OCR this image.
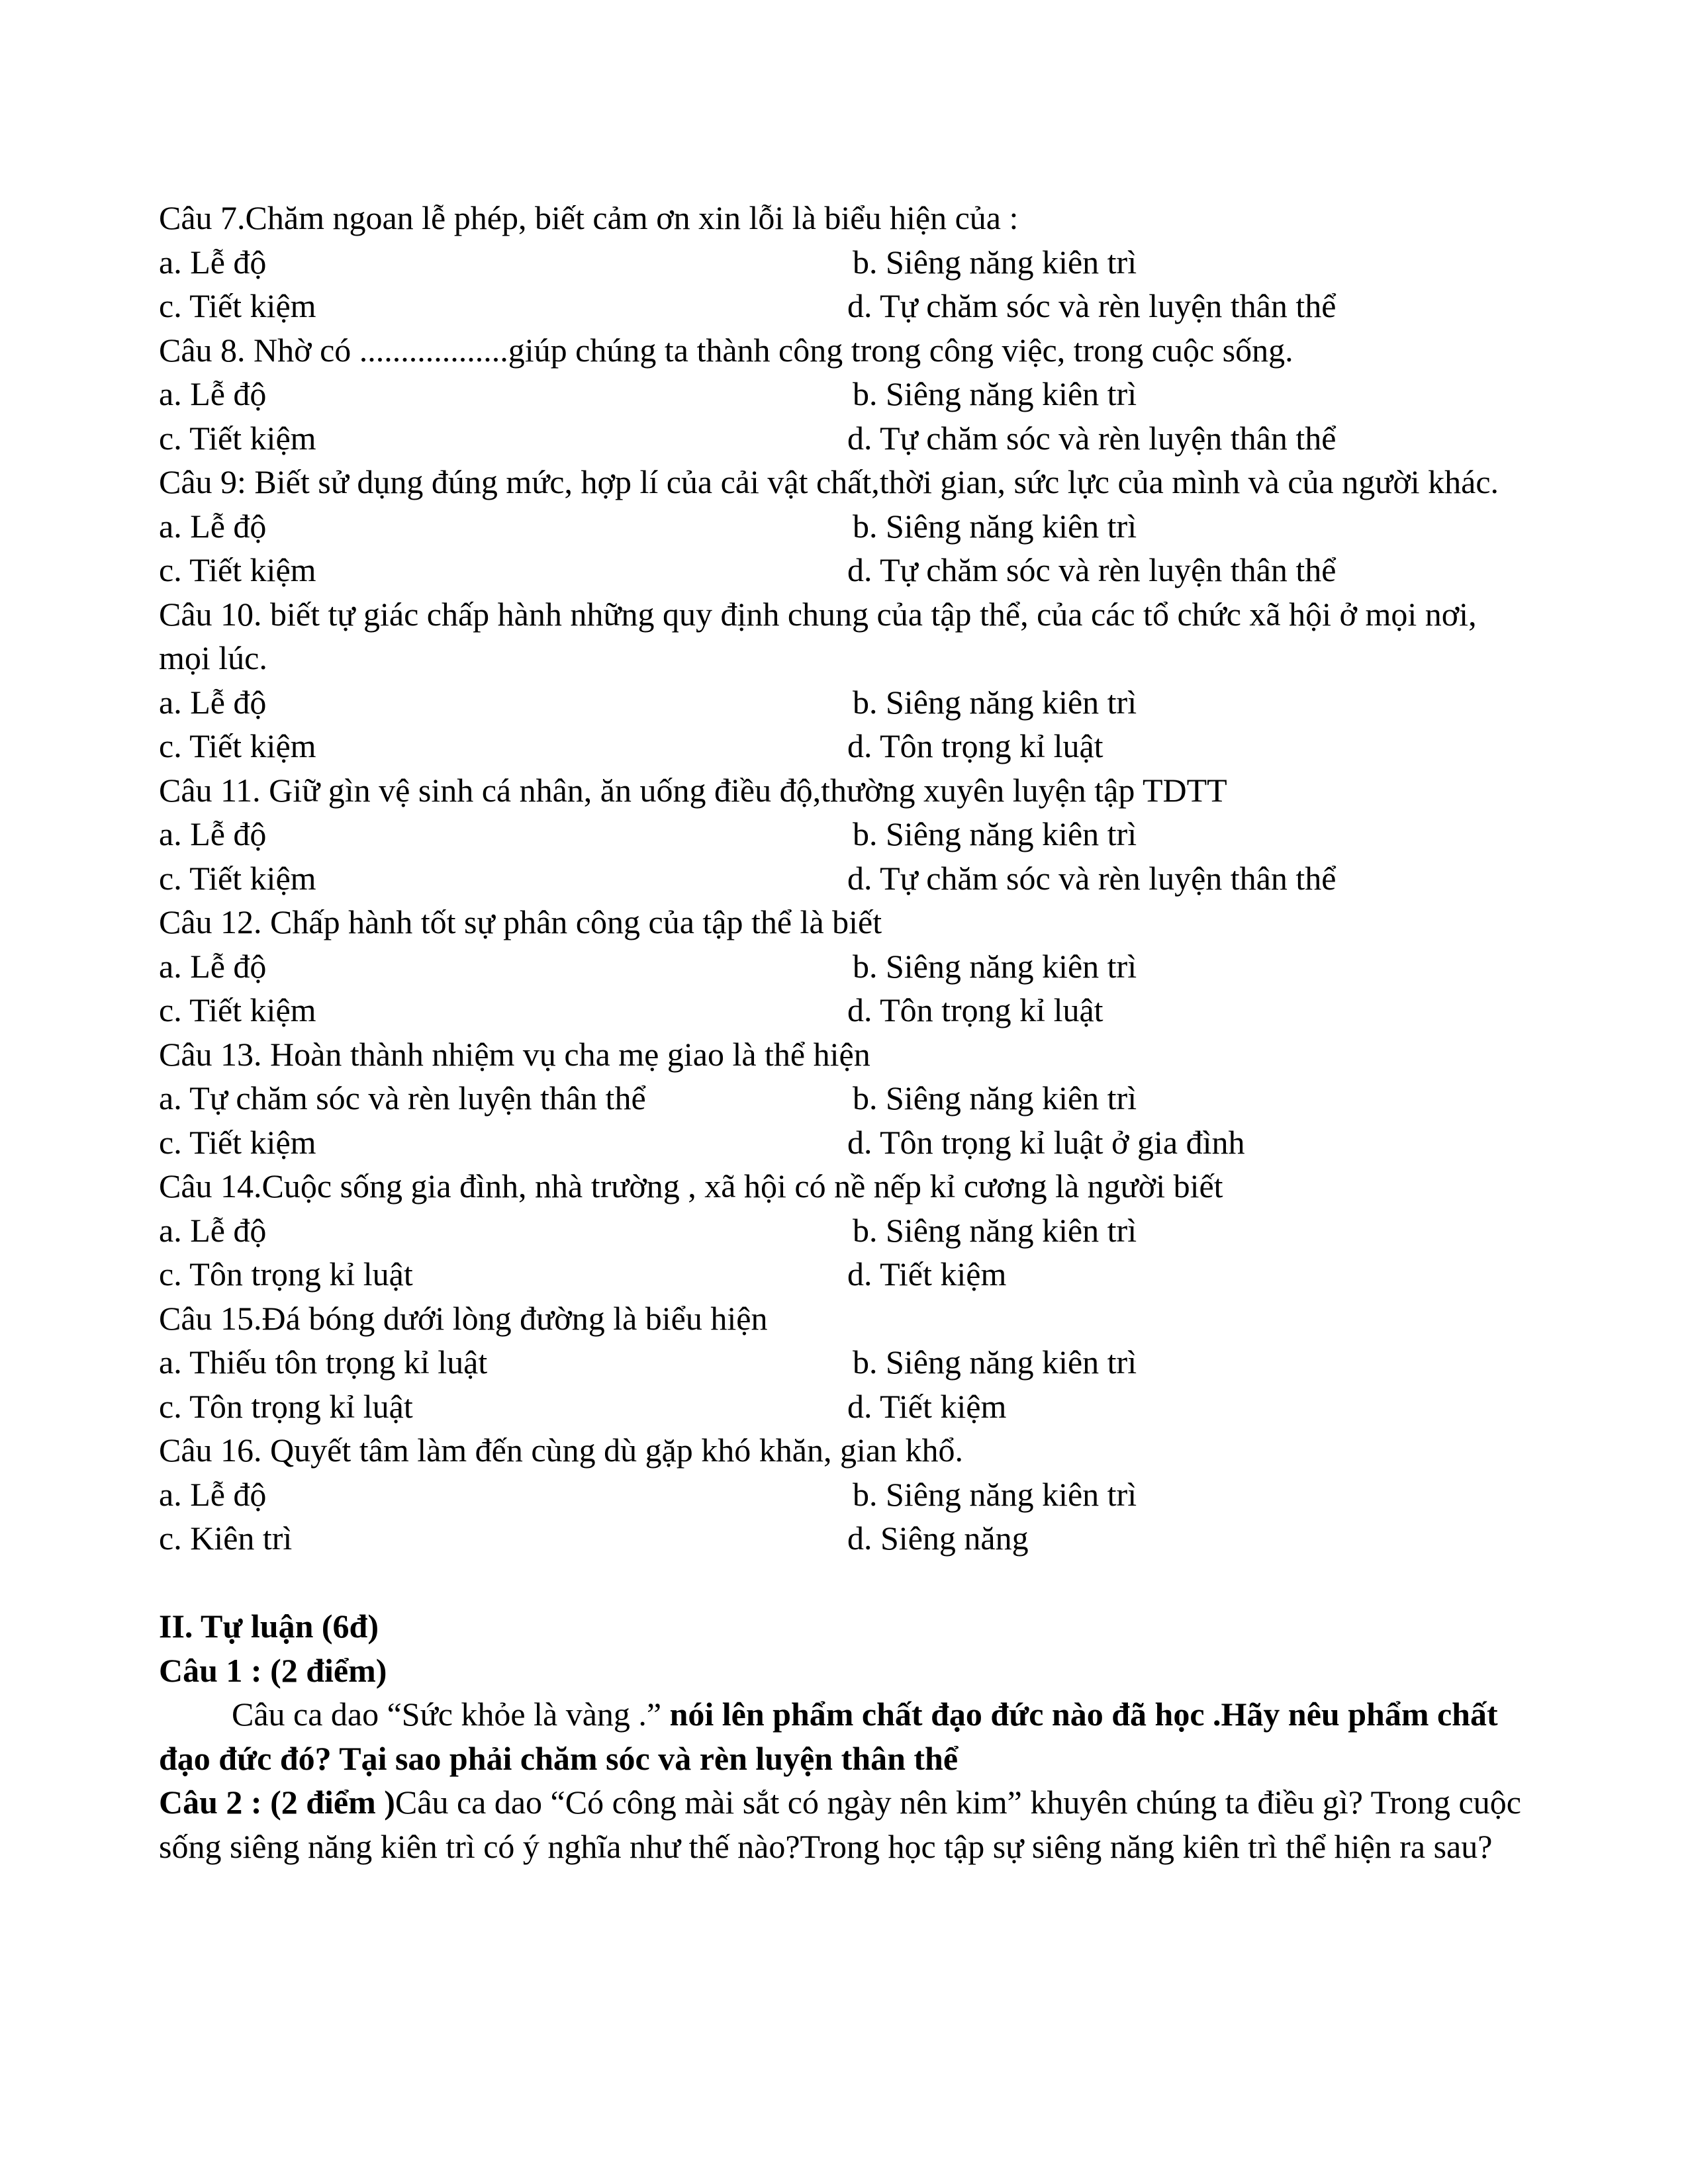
Câu 7.Chăm ngoan lễ phép, biết cảm ơn xin lỗi là biểu hiện của :
a. Lễ độ	b. Siêng năng kiên trì
c. Tiết kiệm	d. Tự chăm sóc và rèn luyện thân thể
Câu 8. Nhờ có ..................giúp chúng ta thành công trong công việc, trong cuộc sống.
a. Lễ độ	b. Siêng năng kiên trì
c. Tiết kiệm	d. Tự chăm sóc và rèn luyện thân thể
Câu 9: Biết sử dụng đúng mức, hợp lí của cải vật chất,thời gian, sức lực của mình và của người khác.
a. Lễ độ	b. Siêng năng kiên trì
c. Tiết kiệm	d. Tự chăm sóc và rèn luyện thân thể
Câu 10. biết tự giác chấp hành những quy định chung của tập thể, của các tổ chức xã hội ở mọi nơi, mọi lúc.
a. Lễ độ	b. Siêng năng kiên trì
c. Tiết kiệm	d. Tôn trọng kỉ luật
Câu 11. Giữ gìn vệ sinh cá nhân, ăn uống điều độ,thường xuyên luyện tập TDTT
a. Lễ độ	b. Siêng năng kiên trì
c. Tiết kiệm	d. Tự chăm sóc và rèn luyện thân thể
Câu 12. Chấp hành tốt sự phân công của tập thể là biết
a. Lễ độ	b. Siêng năng kiên trì
c. Tiết kiệm	d. Tôn trọng kỉ luật
Câu 13. Hoàn thành nhiệm vụ cha mẹ giao là thể hiện
a. Tự chăm sóc và rèn luyện thân thể	b. Siêng năng kiên trì
c. Tiết kiệm	d. Tôn trọng kỉ luật ở gia đình
Câu 14.Cuộc sống gia đình, nhà trường , xã hội có nề nếp kỉ cương là người biết
a. Lễ độ	b. Siêng năng kiên trì
c. Tôn trọng kỉ luật	d. Tiết kiệm
Câu 15.Đá bóng dưới lòng đường là biểu hiện
a. Thiếu tôn trọng kỉ luật	b. Siêng năng kiên trì
c. Tôn trọng kỉ luật	d. Tiết kiệm
Câu 16. Quyết tâm làm đến cùng dù gặp khó khăn, gian khổ.
a. Lễ độ	b. Siêng năng kiên trì
c. Kiên trì	d. Siêng năng
II. Tự luận (6đ)
Câu 1 : (2 điểm)
Câu ca dao “Sức khỏe là vàng .” nói lên phẩm chất đạo đức nào đã học .Hãy nêu phẩm chất đạo đức đó? Tại sao phải chăm sóc và rèn luyện thân thể
Câu 2 : (2 điểm )Câu ca dao “Có công mài sắt có ngày nên kim” khuyên chúng ta điều gì? Trong cuộc sống siêng năng kiên trì có ý nghĩa như thế nào?Trong học tập sự siêng năng kiên trì thể hiện ra sau?
